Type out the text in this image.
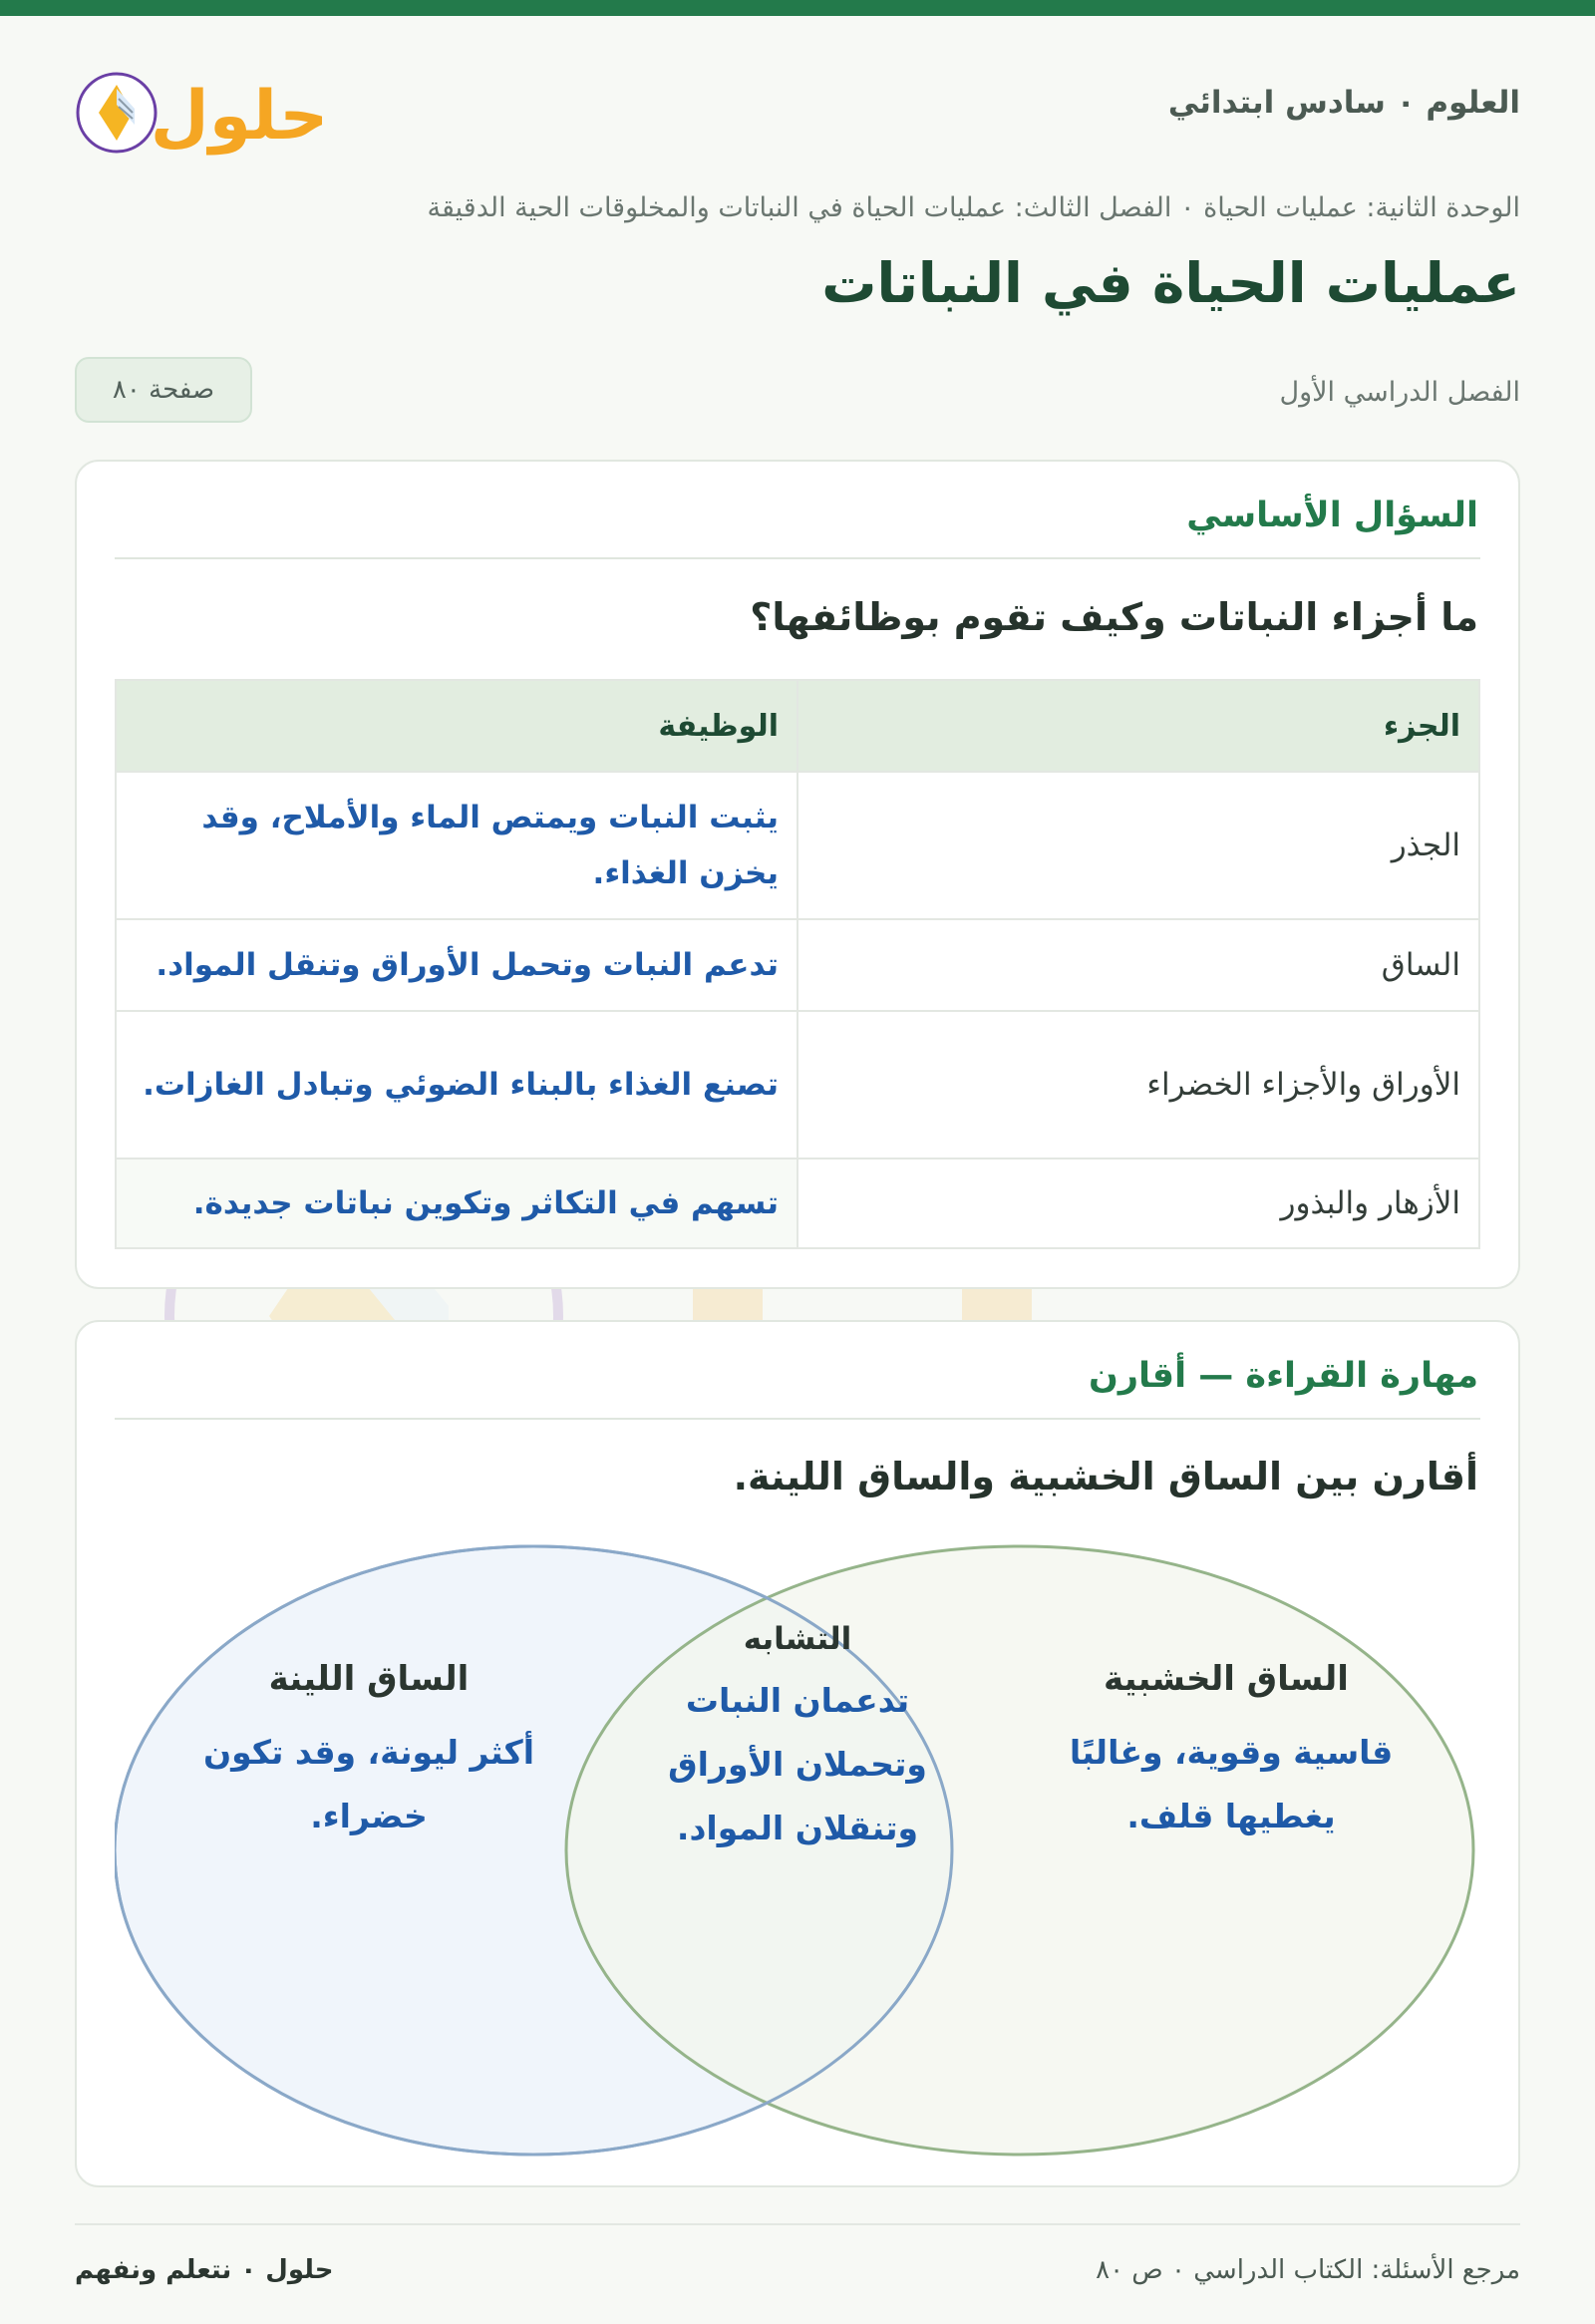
العلوم ٠ سادس ابتدائي
حلول
الوحدة الثانية: عمليات الحياة ٠ الفصل الثالث: عمليات الحياة في النباتات والمخلوقات الحية الدقيقة
عمليات الحياة في النباتات
الفصل الدراسي الأول
صفحة ٨٠
السؤال الأساسي
ما أجزاء النباتات وكيف تقوم بوظائفها؟
الجزء	الوظيفة
الجذر	يثبت النبات ويمتص الماء والأملاح، وقد يخزن الغذاء.
الساق	تدعم النبات وتحمل الأوراق وتنقل المواد.
الأوراق والأجزاء الخضراء	تصنع الغذاء بالبناء الضوئي وتبادل الغازات.
الأزهار والبذور	تسهم في التكاثر وتكوين نباتات جديدة.
مهارة القراءة — أقارن
أقارن بين الساق الخشبية والساق اللينة.
الساق الخشبية
قاسية وقوية، وغالبًا يغطيها قلف.
الساق اللينة
أكثر ليونة، وقد تكون خضراء.
التشابه
تدعمان النبات وتحملان الأوراق وتنقلان المواد.
مرجع الأسئلة: الكتاب الدراسي ٠ ص ٨٠
حلول ٠ نتعلم ونفهم
